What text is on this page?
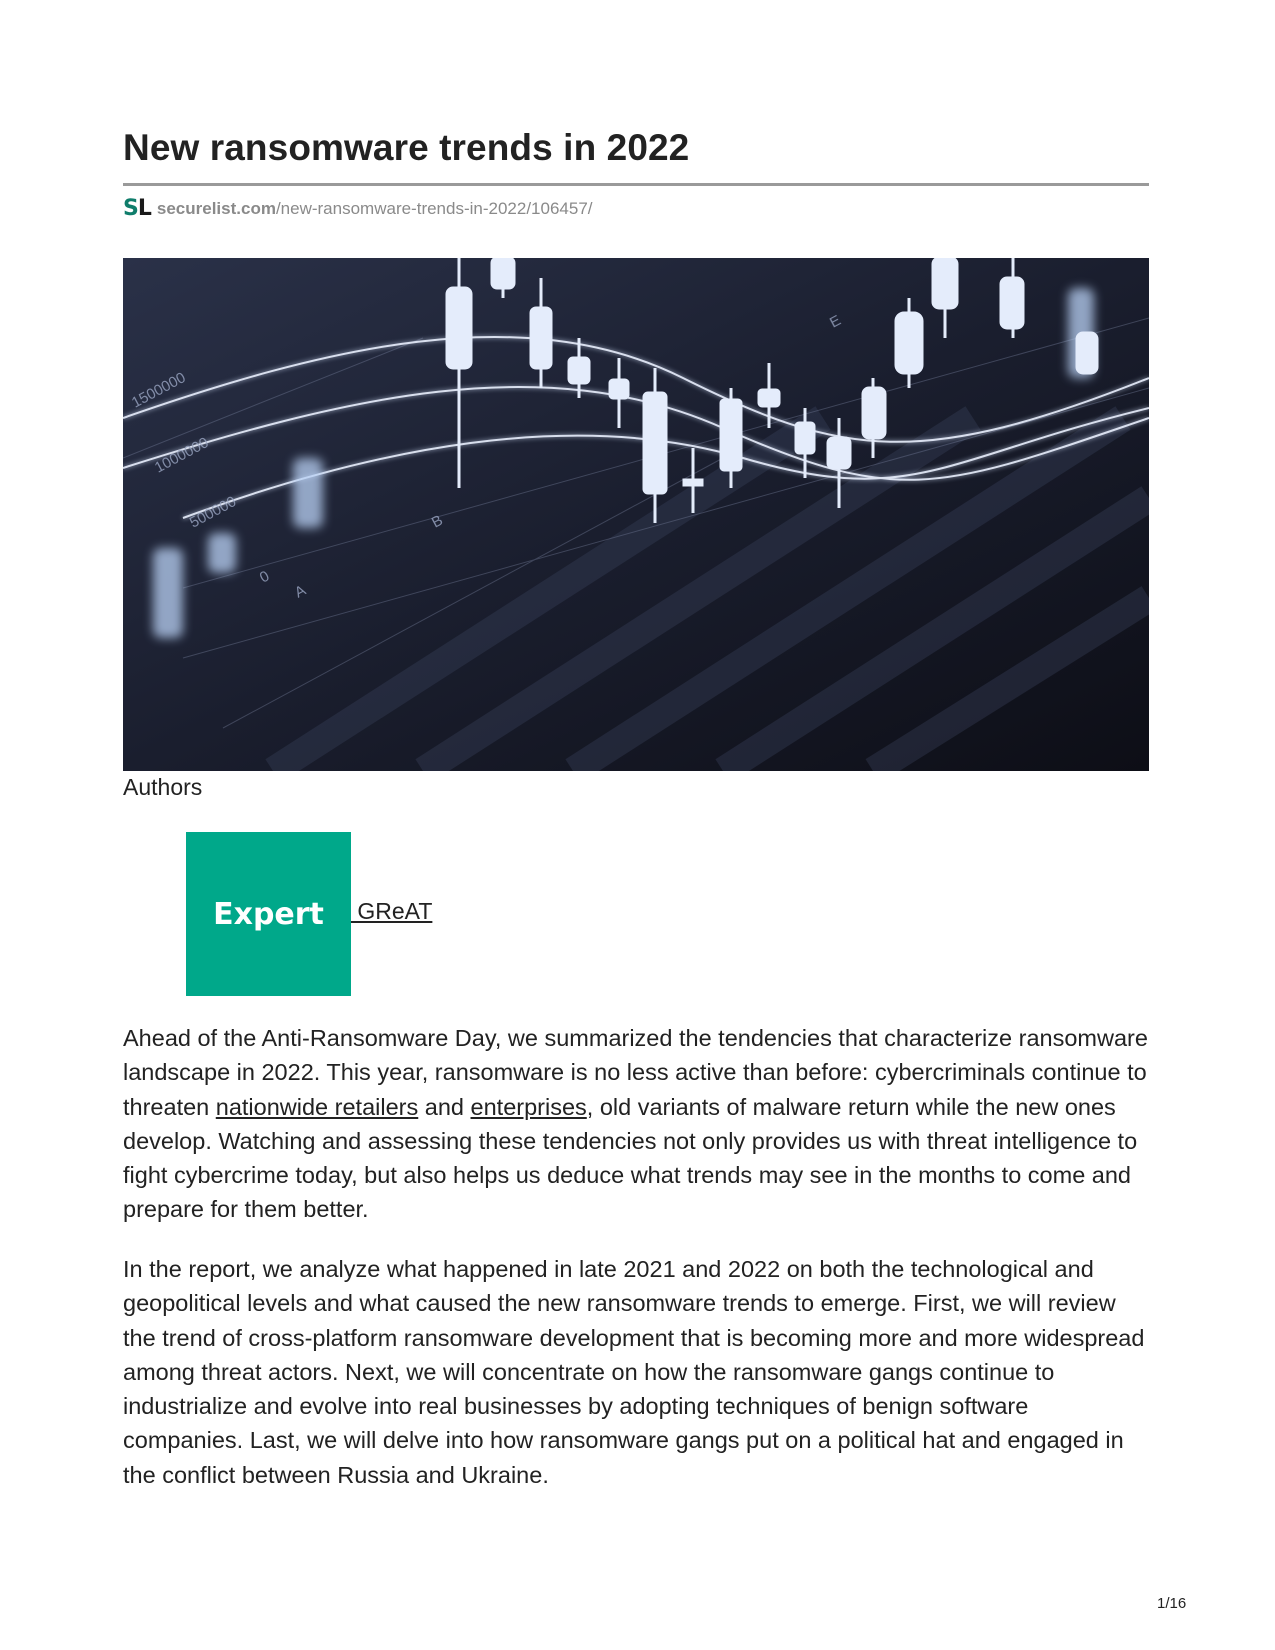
New ransomware trends in 2022
SL securelist.com /new-ransomware-trends-in-2022/106457/
1500000
1000000
500000
0
A
B
E
Authors
Expert GReAT

Ahead of the Anti-Ransomware Day, we summarized the tendencies that characterize ransomware landscape in 2022. This year, ransomware is no less active than before: cybercriminals continue to threaten nationwide retailers and enterprises, old variants of malware return while the new ones develop. Watching and assessing these tendencies not only provides us with threat intelligence to fight cybercrime today, but also helps us deduce what trends may see in the months to come and prepare for them better.

In the report, we analyze what happened in late 2021 and 2022 on both the technological and geopolitical levels and what caused the new ransomware trends to emerge. First, we will review the trend of cross-platform ransomware development that is becoming more and more widespread among threat actors. Next, we will concentrate on how the ransomware gangs continue to industrialize and evolve into real businesses by adopting techniques of benign software companies. Last, we will delve into how ransomware gangs put on a political hat and engaged in the conflict between Russia and Ukraine.

1/16
